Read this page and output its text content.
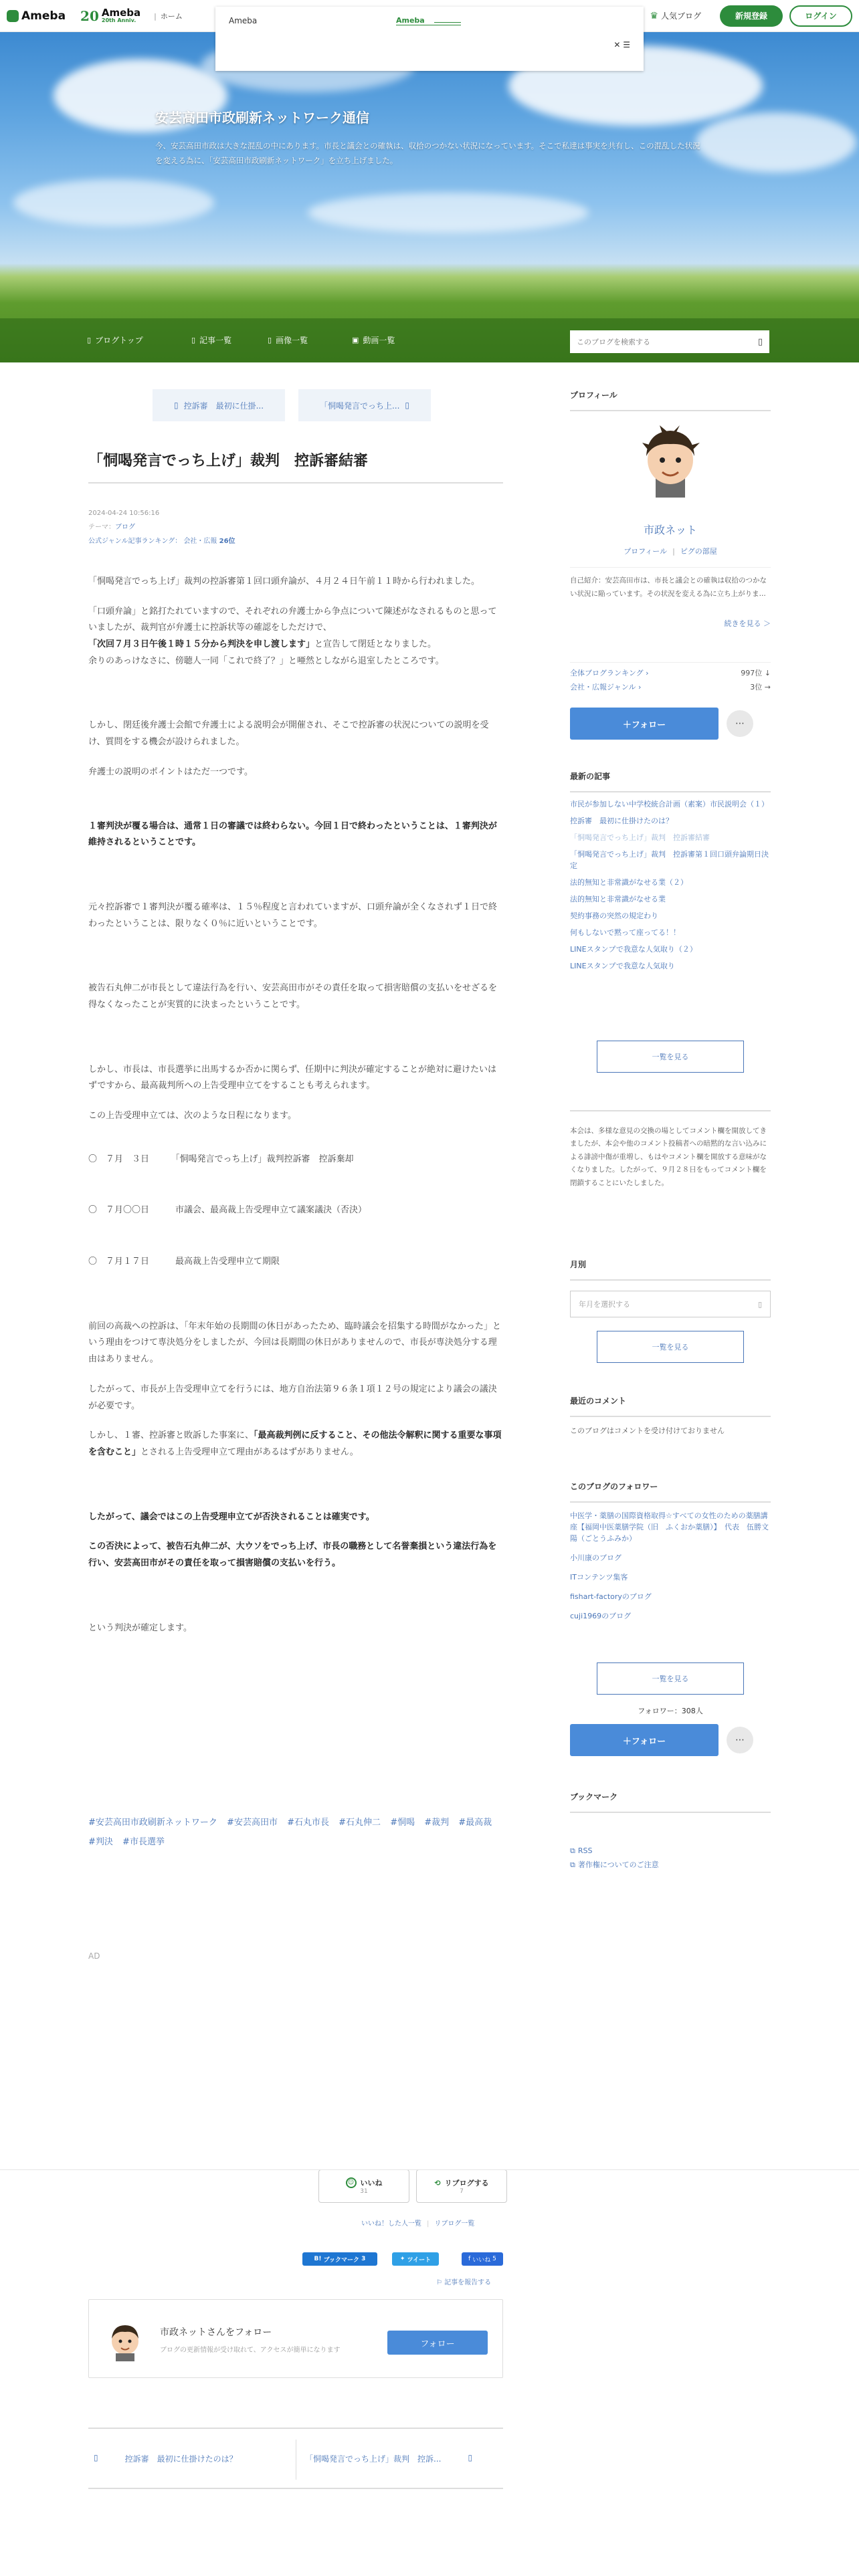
Ameba 20 Ameba
20th Anniv.
|	ホーム	♛ 人気ブログ	新規登録	ログイン
Ameba	Ameba
✕ ☰
安芸高田市政刷新ネットワーク通信
今、安芸高田市政は大きな混乱の中にあります。市長と議会との確執は、収拾のつかない状況になっています。そこで私達は事実を共有し、この混乱した状況を変える為に、「安芸高田市政刷新ネットワーク」を立ち上げました。
▯ ブログトップ	▯ 記事一覧	▯ 画像一覧	▣ 動画一覧
このブログを検索する	▯
▯ 控訴審　最初に仕掛...	「恫喝発言でっち上... ▯
「恫喝発言でっち上げ」裁判　控訴審結審
2024-04-24 10:56:16
テーマ：ブログ
公式ジャンル記事ランキング： 会社・広報 26位

「恫喝発言でっち上げ」裁判の控訴審第１回口頭弁論が、４月２４日午前１１時から行われました。

「口頭弁論」と銘打たれていますので、それぞれの弁護士から争点について陳述がなされるものと思っていましたが、裁判官が弁護士に控訴状等の確認をしただけで、

「次回７月３日午後１時１５分から判決を申し渡します」と宣告して閉廷となりました。

余りのあっけなさに、傍聴人一同「これで終了？」と唖然としながら退室したところです。

しかし、閉廷後弁護士会館で弁護士による説明会が開催され、そこで控訴審の状況についての説明を受け、質問をする機会が設けられました。

弁護士の説明のポイントはただ一つです。

１審判決が覆る場合は、通常１日の審議では終わらない。今回１日で終わったということは、１審判決が維持されるということです。

元々控訴審で１審判決が覆る確率は、１５％程度と言われていますが、口頭弁論が全くなされず１日で終わったということは、限りなく０％に近いということです。

被告石丸伸二が市長として違法行為を行い、安芸高田市がその責任を取って損害賠償の支払いをせざるを得なくなったことが実質的に決まったということです。

しかし、市長は、市長選挙に出馬するか否かに関らず、任期中に判決が確定することが絶対に避けたいはずですから、最高裁判所への上告受理申立てをすることも考えられます。

この上告受理申立ては、次のような日程になります。

〇　７月　３日　　　「恫喝発言でっち上げ」裁判控訴審　控訴棄却

〇　７月〇〇日　　　市議会、最高裁上告受理申立て議案議決（否決）

〇　７月１７日　　　最高裁上告受理申立て期限

前回の高裁への控訴は、「年末年始の長期間の休日があったため、臨時議会を招集する時間がなかった」という理由をつけて専決処分をしましたが、今回は長期間の休日がありませんので、市長が専決処分する理由はありません。

したがって、市長が上告受理申立てを行うには、地方自治法第９６条１項１２号の規定により議会の議決が必要です。

しかし、１審、控訴審と敗訴した事案に、「最高裁判例に反すること、その他法令解釈に関する重要な事項を含むこと」とされる上告受理申立て理由があるはずがありません。

したがって、議会ではこの上告受理申立てが否決されることは確実です。

この否決によって、被告石丸伸二が、大ウソをでっち上げ、市長の職務として名誉棄損という違法行為を行い、安芸高田市がその責任を取って損害賠償の支払いを行う。

という判決が確定します。

#安芸高田市政刷新ネットワーク #安芸高田市 #石丸市長 #石丸伸二 #恫喝 #裁判 #最高裁 #判決 #市長選挙
AD
☺ いいね
31
⟲ リブログする
7
いいね！した人一覧 | リブログ一覧
B! ブックマーク
3	✦ ツイート	f いいね
5
⚐ 記事を報告する
市政ネットさんをフォロー
ブログの更新情報が受け取れて、アクセスが簡単になります
フォロー
▯	控訴審　最初に仕掛けたのは？	「恫喝発言でっち上げ」裁判　控訴...	▯
プロフィール
市政ネット
プロフィール | ピグの部屋
自己紹介：安芸高田市は、市長と議会との確執は収拾のつかない状況に陥っています。その状況を変える為に立ち上がりま...
続きを見る ＞
全体ブログランキング ›	997位 ↓
会社・広報ジャンル ›	3位 →
＋フォロー	⋯
最新の記事
市民が参加しない中学校統合計画（素案）市民説明会（１）
控訴審　最初に仕掛けたのは？
「恫喝発言でっち上げ」裁判　控訴審結審
「恫喝発言でっち上げ」裁判　控訴審第１回口頭弁論期日決定
法的無知と非常識がなせる業（２）
法的無知と非常識がなせる業
契約事務の突然の規定わり
何もしないで黙って座ってる！！
LINEスタンプで我意な人気取り（２）
LINEスタンプで我意な人気取り
一覧を見る
本会は、多様な意見の交換の場としてコメント欄を開放してきましたが、本会や他のコメント投稿者への暗黙的な言い込みによる誹謗中傷が重増し、もはやコメント欄を開放する意味がなくなりました。したがって、９月２８日をもってコメント欄を閉鎖することにいたしました。
月別
年月を選択する	▯
一覧を見る
最近のコメント
このブログはコメントを受け付けておりません
このブログのフォロワー
中医学・薬膳の国際資格取得☆すべての女性のための薬膳講座【福岡中医薬膳学院（旧　ふくおか薬膳）】　代表　伍勝文陽（ごとうふみか）
小川康のブログ
ITコンテンツ集客
fishart-factoryのブログ
cuji1969のブログ
一覧を見る
フォロワー：308人
＋フォロー	⋯
ブックマーク
⧉ RSS
⧉ 著作権についてのご注意
